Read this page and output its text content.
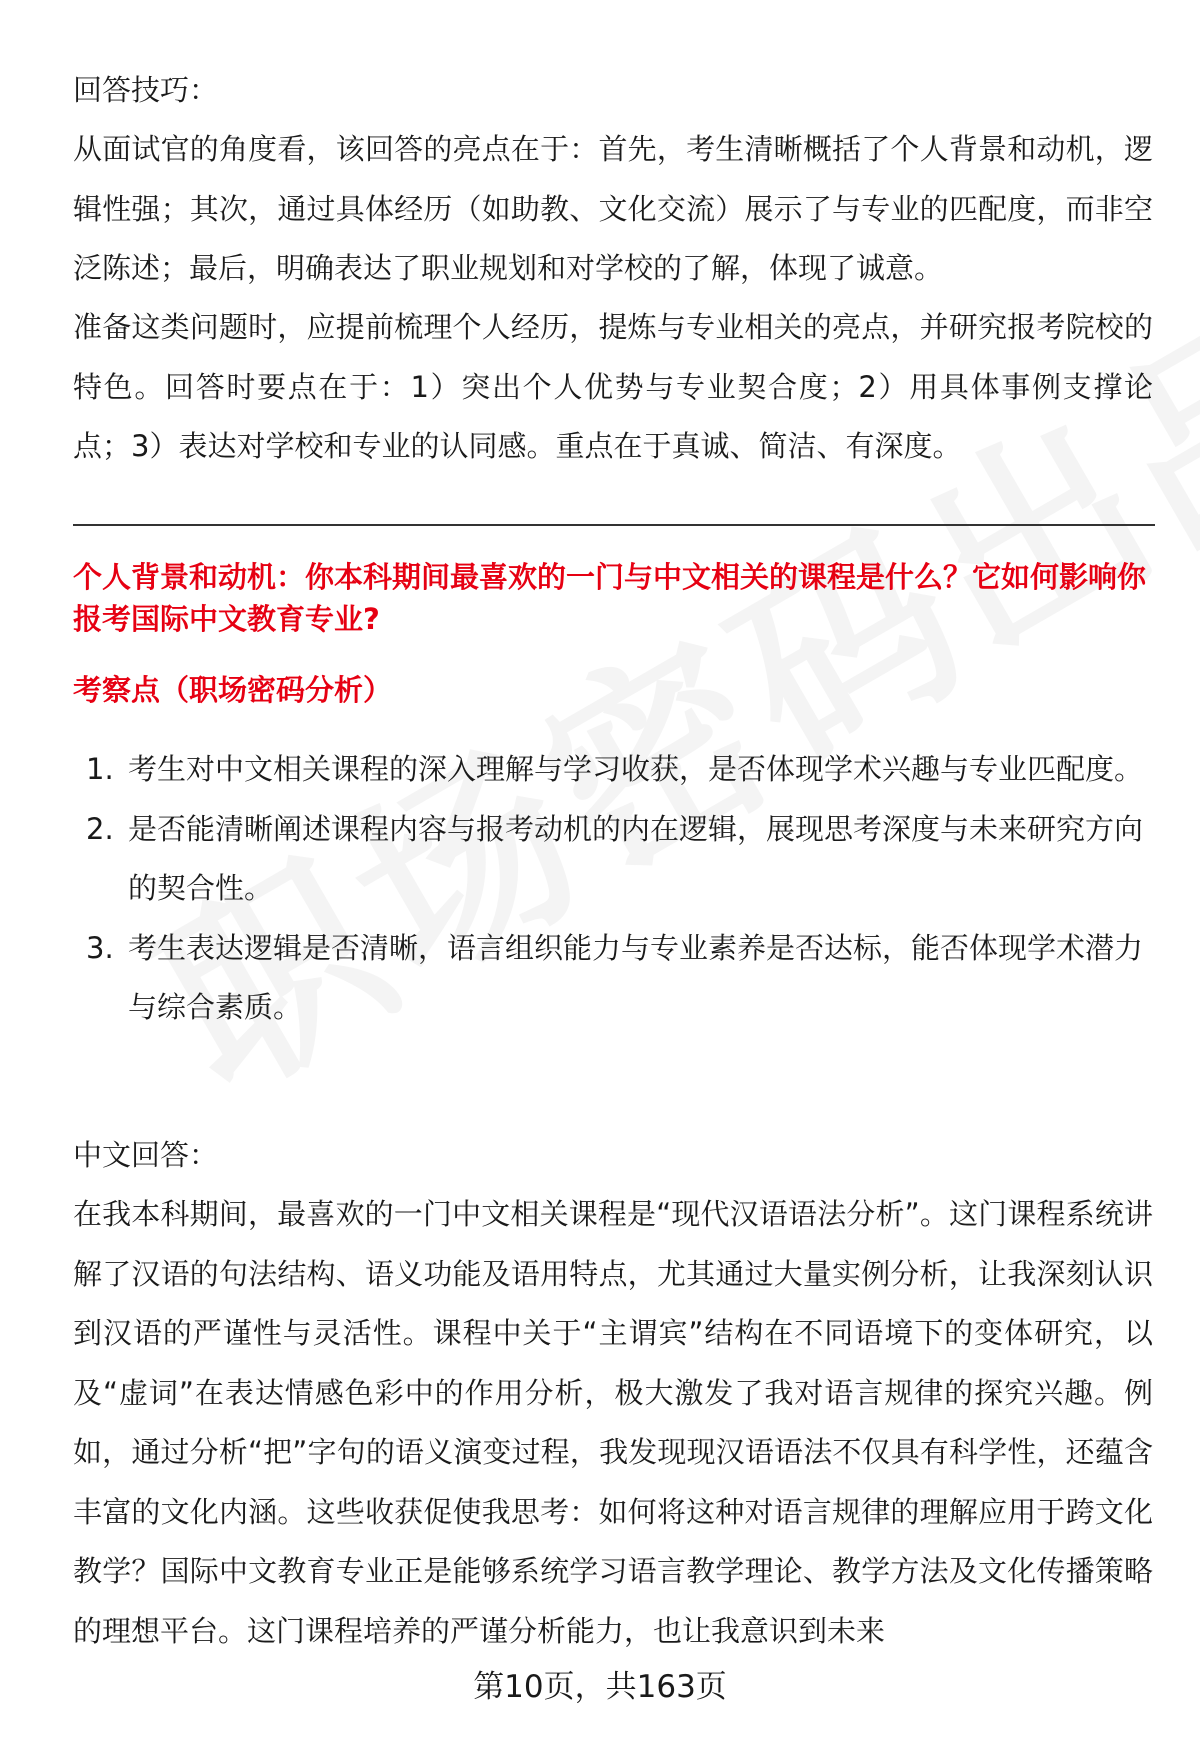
回答技巧：

从面试官的角度看，该回答的亮点在于：首先，考生清晰概括了个人背景和动机，逻辑性强；其次，通过具体经历（如助教、文化交流）展示了与专业的匹配度，而非空泛陈述；最后，明确表达了职业规划和对学校的了解，体现了诚意。

准备这类问题时，应提前梳理个人经历，提炼与专业相关的亮点，并研究报考院校的特色。回答时要点在于：1）突出个人优势与专业契合度；2）用具体事例支撑论点；3）表达对学校和专业的认同感。重点在于真诚、简洁、有深度。

个人背景和动机：你本科期间最喜欢的一门与中文相关的课程是什么？它如何影响你报考国际中文教育专业?

考察点（职场密码分析）

1. 考生对中文相关课程的深入理解与学习收获，是否体现学术兴趣与专业匹配度。
2. 是否能清晰阐述课程内容与报考动机的内在逻辑，展现思考深度与未来研究方向的契合性。
3. 考生表达逻辑是否清晰，语言组织能力与专业素养是否达标，能否体现学术潜力与综合素质。

中文回答：

在我本科期间，最喜欢的一门中文相关课程是“现代汉语语法分析”。这门课程系统讲解了汉语的句法结构、语义功能及语用特点，尤其通过大量实例分析，让我深刻认识到汉语的严谨性与灵活性。课程中关于“主谓宾”结构在不同语境下的变体研究，以及“虚词”在表达情感色彩中的作用分析，极大激发了我对语言规律的探究兴趣。例如，通过分析“把”字句的语义演变过程，我发现现汉语语法不仅具有科学性，还蕴含丰富的文化内涵。这些收获促使我思考：如何将这种对语言规律的理解应用于跨文化教学？国际中文教育专业正是能够系统学习语言教学理论、教学方法及文化传播策略的理想平台。这门课程培养的严谨分析能力，也让我意识到未来

第10页，共163页
